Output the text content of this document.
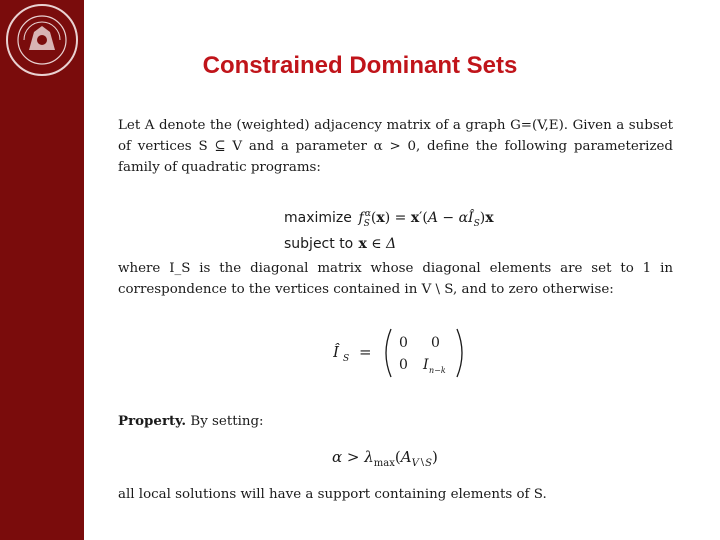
Constrained Dominant Sets
Let A denote the (weighted) adjacency matrix of a graph G=(V,E). Given a subset of vertices S ⊆ V and a parameter α > 0, define the following parameterized family of quadratic programs:
maximize $f_S^\alpha(x) = x'(A$ − $\alpha Î_S)x$
subject to x ∈ Δ
where I_S is the diagonal matrix whose diagonal elements are set to 1 in correspondence to the vertices contained in V \ S, and to zero otherwise:
Î S = 0 0
0 I n−k
Property. By setting:
$\alpha > \lambda_{max}(A_{V∖S})$
all local solutions will have a support containing elements of S.
